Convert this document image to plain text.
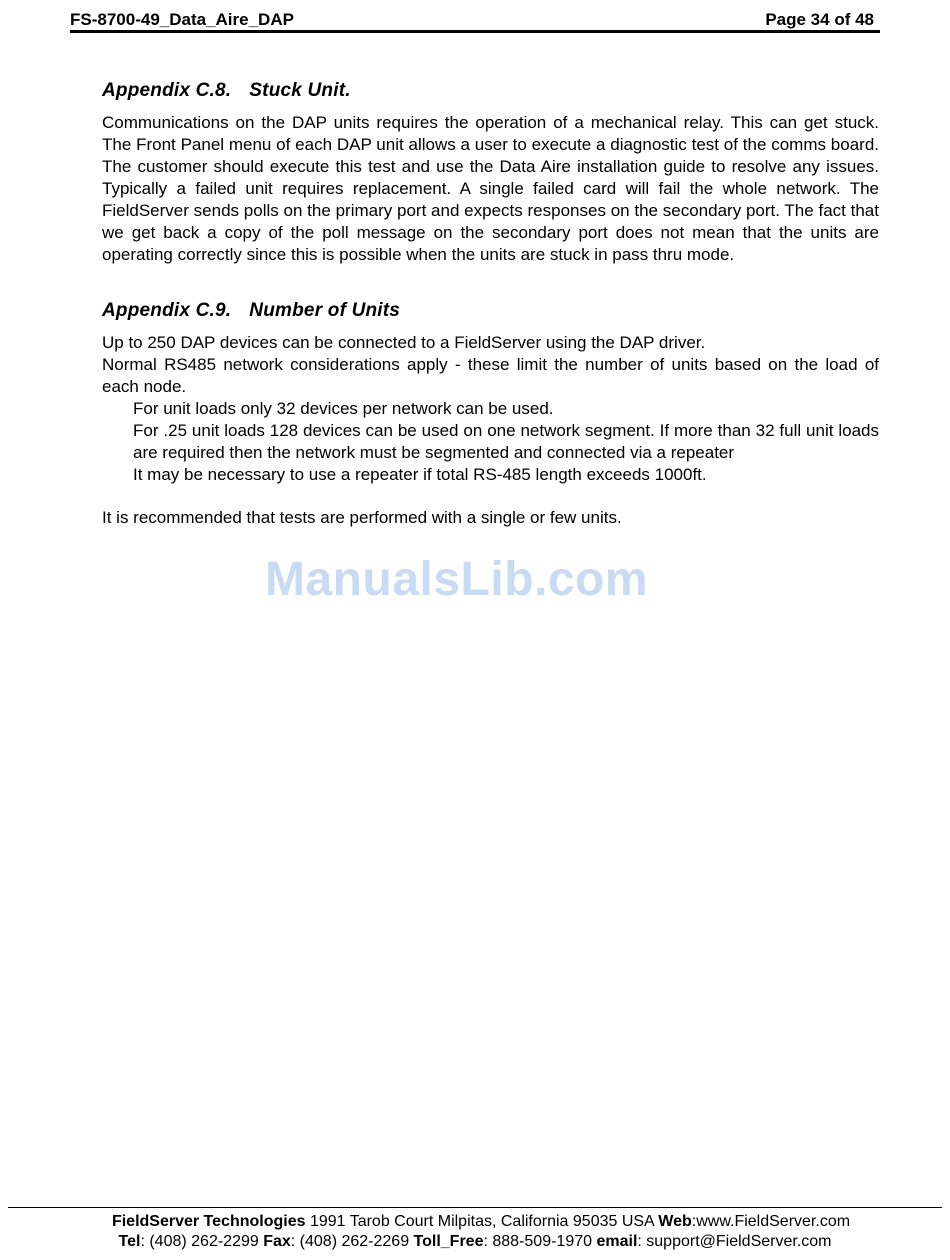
FS-8700-49_Data_Aire_DAP	Page 34 of 48
Appendix C.8. Stuck Unit.

Communications on the DAP units requires the operation of a mechanical relay. This can get stuck. The Front Panel menu of each DAP unit allows a user to execute a diagnostic test of the comms board. The customer should execute this test and use the Data Aire installation guide to resolve any issues. Typically a failed unit requires replacement. A single failed card will fail the whole network. The FieldServer sends polls on the primary port and expects responses on the secondary port. The fact that we get back a copy of the poll message on the secondary port does not mean that the units are operating correctly since this is possible when the units are stuck in pass thru mode.

Appendix C.9. Number of Units

Up to 250 DAP devices can be connected to a FieldServer using the DAP driver.

Normal RS485 network considerations apply - these limit the number of units based on the load of each node.

For unit loads only 32 devices per network can be used.

For .25 unit loads 128 devices can be used on one network segment. If more than 32 full unit loads are required then the network must be segmented and connected via a repeater

It may be necessary to use a repeater if total RS-485 length exceeds 1000ft.

It is recommended that tests are performed with a single or few units.

ManualsLib.com
FieldServer Technologies 1991 Tarob Court Milpitas, California 95035 USA Web:www.FieldServer.com
Tel: (408) 262-2299 Fax: (408) 262-2269 Toll_Free: 888-509-1970 email: support@FieldServer.com
